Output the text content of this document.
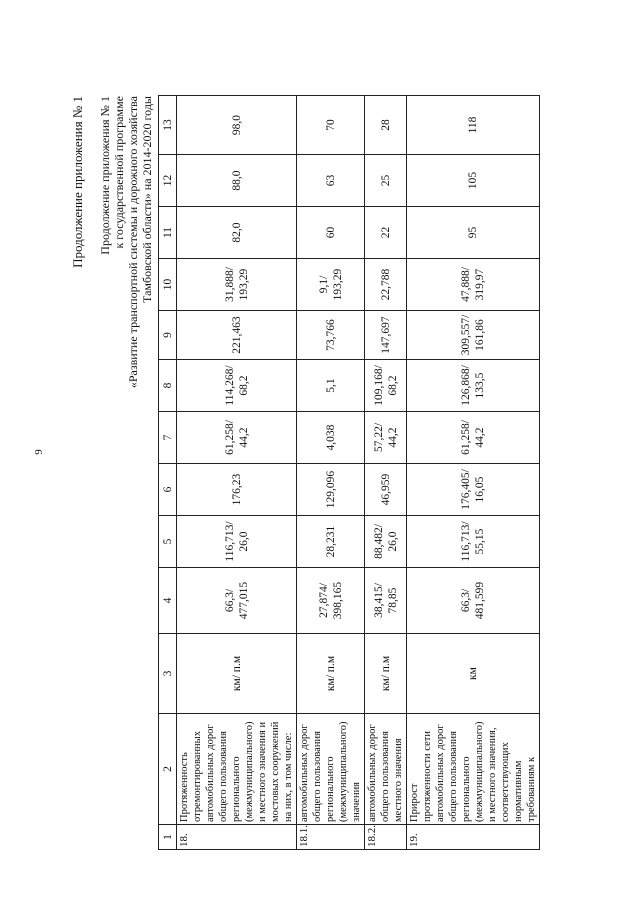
9
Продолжение приложения № 1 Продолжение приложения № 1 к государственной программе «Развитие транспортной системы и дорожного хозяйства Тамбовской области» на 2014-2020 годы
1	2	3	4	5	6	7	8	9	10	11	12	13
18.	Протяженность отремонтированных автомобильных дорог общего пользования регионального (межмуниципального) и местного значения и мостовых сооружений на них, в том числе:	км/ п.м	66,3/ 477,015	116,713/ 26,0	176,23	61,258/ 44,2	114,268/ 68,2	221,463	31,888/ 193,29	82,0	88,0	98,0
18.1.	автомобильных дорог общего пользования регионального (межмуниципального) значения	км/ п.м	27,874/ 398,165	28,231	129,096	4,038	5,1	73,766	9,1/ 193,29	60	63	70
18.2.	автомобильных дорог общего пользования местного значения	км/ п.м	38,415/ 78,85	88,482/ 26,0	46,959	57,22/ 44,2	109,168/ 68,2	147,697	22,788	22	25	28
19.	Прирост протяженности сети автомобильных дорог общего пользования регионального (межмуниципального) и местного значения, соответствующих нормативным требованиям к	км	66,3/ 481,599	116,713/ 55,15	176,405/ 16,05	61,258/ 44,2	126,868/ 133,5	309,557/ 161,86	47,888/ 319,97	95	105	118
